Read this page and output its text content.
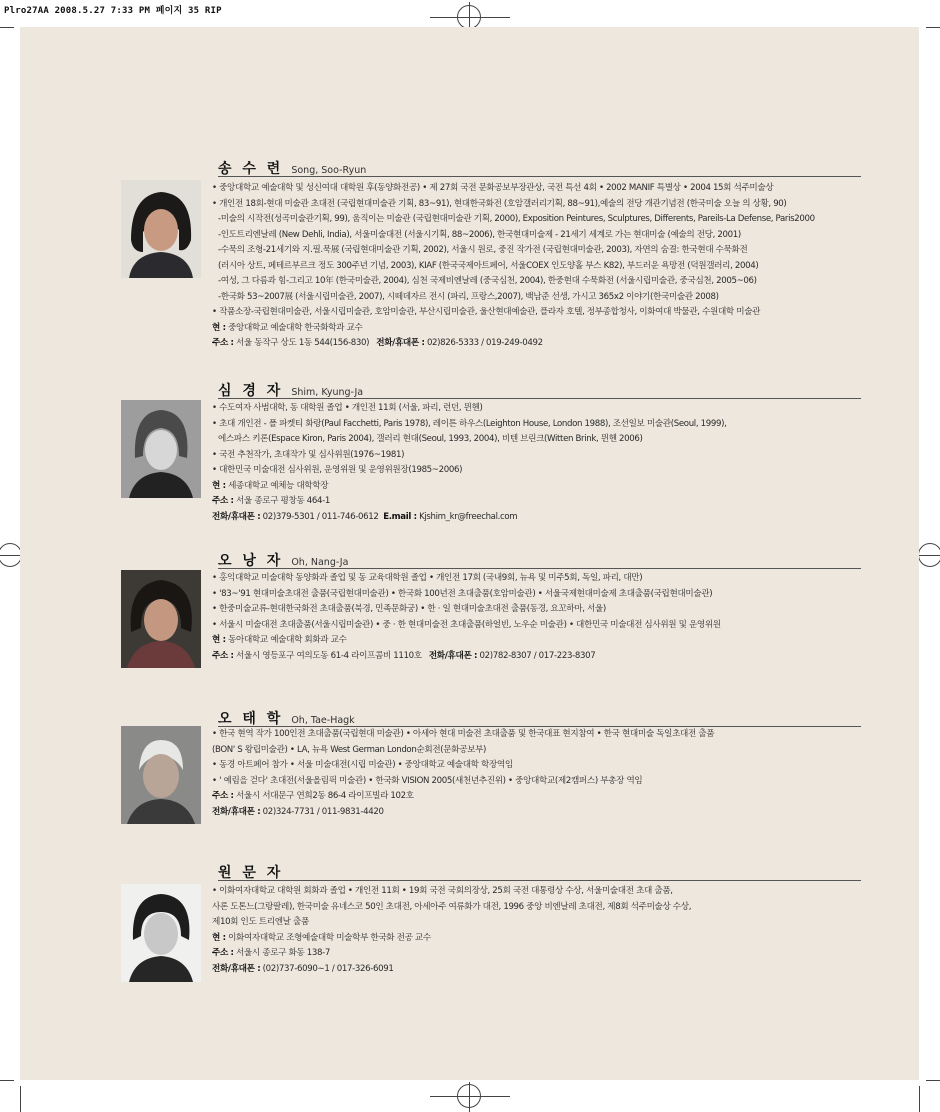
Plro27AA 2008.5.27 7:33 PM 페이지 35 RIP
송 수 련 Song, Soo-Ryun
• 중앙대학교 예술대학 및 성신여대 대학원 후(동양화전공) • 제 27회 국전 문화공보부장관상, 국전 특선 4회 • 2002 MANIF 특별상 • 2004 15회 석주미술상
• 개인전 18회-현대 미술관 초대전 (국립현대미술관 기획, 83~91), 현대한국화전 (호암갤러리기획, 88~91),예술의 전당 개관기념전 (한국미술 오늘 의 상황, 90)
-미술의 시작전(성곡미술관기획, 99), 움직이는 미술관 (국립현대미술관 기획, 2000), Exposition Peintures, Sculptures, Differents, Pareils-La Defense, Paris2000
-인도트리엔날레 (New Dehli, India), 서울미술대전 (서울시기획, 88~2006), 한국현대미술제 - 21세기 세계로 가는 현대미술 (예술의 전당, 2001)
-수묵의 조형-21세기와 지.필.묵展 (국립현대미술관 기획, 2002), 서울시 원로, 중진 작가전 (국립현대미술관, 2003), 자연의 숨결: 한국현대 수묵화전
(러시아 상트, 페테르부르크 정도 300주년 기념, 2003), KIAF (한국국제아트페어, 서울COEX 인도양홀 부스 K82), 부드러운 욕망전 (덕원갤러리, 2004)
-여성, 그 다름과 힘-그리고 10年 (한국미술관, 2004), 심천 국제비엔날레 (중국심천, 2004), 한중현대 수묵화전 (서울시립미술관, 중국심천, 2005~06)
-한국화 53~2007展 (서울시립미술관, 2007), 시떼데자르 전시 (파리, 프랑스,2007), 백남준 선생, 가시고 365x2 이야기(한국미술관 2008)
• 작품소장-국립현대미술관, 서울시립미술관, 호암미술관, 부산시립미술관, 울산현대예술관, 플라자 호텔, 정부종합청사, 이화여대 박물관, 수원대학 미술관
현 : 중앙대학교 예술대학 한국화학과 교수
주소 : 서울 동작구 상도 1동 544(156-830) 전화/휴대폰 : 02)826-5333 / 019-249-0492
심 경 자 Shim, Kyung-Ja
• 수도여자 사범대학, 동 대학원 졸업 • 개인전 11회 (서울, 파리, 런던, 뮌헨)
• 초대 개인전 - 폴 파켓티 화랑(Paul Facchetti, Paris 1978), 레이튼 하우스(Leighton House, London 1988), 조선일보 미술관(Seoul, 1999),
에스파스 키론(Espace Kiron, Paris 2004), 갤러리 현대(Seoul, 1993, 2004), 비텐 브린크(Witten Brink, 뮌헨 2006)
• 국전 추천작가, 초대작가 및 심사위원(1976~1981)
• 대한민국 미술대전 심사위원, 운영위원 및 운영위원장(1985~2006)
현 : 세종대학교 예체능 대학학장
주소 : 서울 종로구 평창동 464-1
전화/휴대폰 : 02)379-5301 / 011-746-0612 E.mail : Kjshim_kr@freechal.com
오 낭 자 Oh, Nang-Ja
• 홍익대학교 미술대학 동양화과 졸업 및 동 교육대학원 졸업 • 개인전 17회 (국내9회, 뉴욕 및 미주5회, 독일, 파리, 대만)
• '83~'91 현대미술초대전 출품(국립현대미술관) • 한국화 100년전 초대출품(호암미술관) • 서울국제현대미술제 초대출품(국립현대미술관)
• 한중미술교류-현대한국화전 초대출품(북경, 민족문화궁) • 한 · 일 현대미술초대전 출품(동경, 요꼬하마, 서울)
• 서울시 미술대전 초대출품(서울시립미술관) • 중 · 한 현대미술전 초대출품(하얼빈, 노우순 미술관) • 대한민국 미술대전 심사위원 및 운영위원
현 : 동아대학교 예술대학 회화과 교수
주소 : 서울시 영등포구 여의도동 61-4 라이프콤비 1110호 전화/휴대폰 : 02)782-8307 / 017-223-8307
오 태 학 Oh, Tae-Hagk
• 한국 현역 작가 100인전 초대출품(국립현대 미술관) • 아세아 현대 미술전 초대출품 및 한국대표 현지참여 • 한국 현대미술 독일초대전 출품
(BON' S 왕립미술관) • LA, 뉴욕 West German London순회전(문화공보부)
• 동경 아트페어 참가 • 서울 미술대전(시립 미술관) • 중앙대학교 예술대학 학장역임
• ' 예림을 걷다' 초대전(서울올림픽 미술관) • 한국화 VISION 2005(새천년추진위) • 중앙대학교(제2캠퍼스) 부총장 역임
주소 : 서울시 서대문구 연희2동 86-4 라이프빌라 102호
전화/휴대폰 : 02)324-7731 / 011-9831-4420
원 문 자
• 이화여자대학교 대학원 회화과 졸업 • 개인전 11회 • 19회 국전 국회의장상, 25회 국전 대통령상 수상, 서울미술대전 초대 출품,
사론 도톤느(그랑팔레), 한국미술 유네스코 50인 초대전, 아세아주 여류화가 대전, 1996 중앙 비엔날레 초대전, 제8회 석주미술상 수상,
제10회 인도 트리엔날 출품
현 : 이화여자대학교 조형예술대학 미술학부 한국화 전공 교수
주소 : 서울시 종로구 화동 138-7
전화/휴대폰 : (02)737-6090∼1 / 017-326-6091
